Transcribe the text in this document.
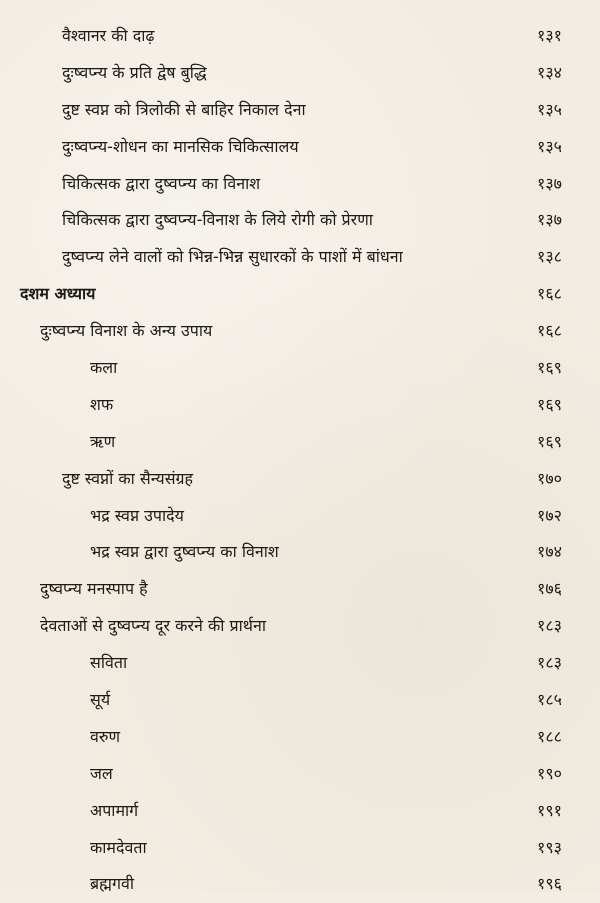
वैश्वानर की दाढ़	१३१
दुःष्वप्न्य के प्रति द्वेष बुद्धि	१३४
दुष्ट स्वप्न को त्रिलोकी से बाहिर निकाल देना	१३५
दुःष्वप्न्य-शोधन का मानसिक चिकित्सालय	१३५
चिकित्सक द्वारा दुष्वप्न्य का विनाश	१३७
चिकित्सक द्वारा दुष्वप्न्य-विनाश के लिये रोगी को प्रेरणा	१३७
दुष्वप्न्य लेने वालों को भिन्न-भिन्न सुधारकों के पाशों में बांधना	१३८
दशम अध्याय	१६८
दुःष्वप्न्य विनाश के अन्य उपाय	१६८
कला	१६९
शफ	१६९
ऋण	१६९
दुष्ट स्वप्नों का सैन्यसंग्रह	१७०
भद्र स्वप्न उपादेय	१७२
भद्र स्वप्न द्वारा दुष्वप्न्य का विनाश	१७४
दुष्वप्न्य मनस्पाप है	१७६
देवताओं से दुष्वप्न्य दूर करने की प्रार्थना	१८३
सविता	१८३
सूर्य	१८५
वरुण	१८८
जल	१९०
अपामार्ग	१९१
कामदेवता	१९३
ब्रह्मगवी	१९६
